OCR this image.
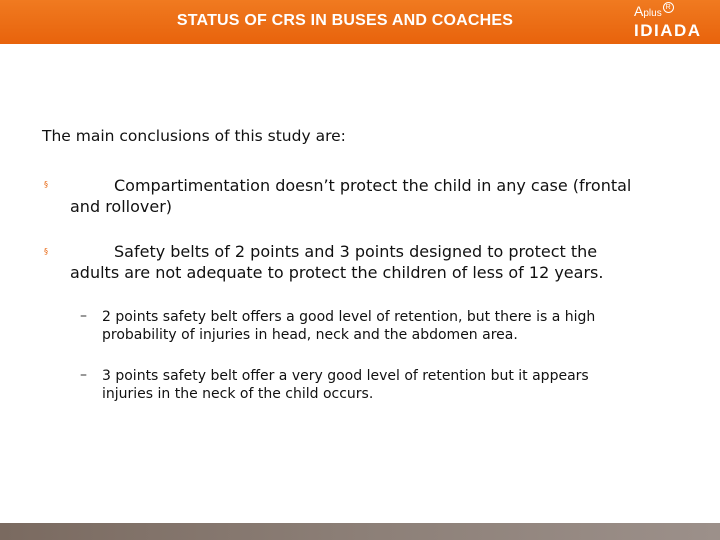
STATUS OF CRS IN BUSES AND COACHES
AplusR
IDIADA
The main conclusions of this study are:
§	Compartimentation doesn’t protect the child in any case (frontal
and rollover)
§	Safety belts of 2 points and 3 points designed to protect the
adults are not adequate to protect the children of less of 12 years.
– 2 points safety belt offers a good level of retention, but there is a high
probability of injuries in head, neck and the abdomen area.
– 3 points safety belt offer a very good level of retention but it appears
injuries in the neck of the child occurs.
